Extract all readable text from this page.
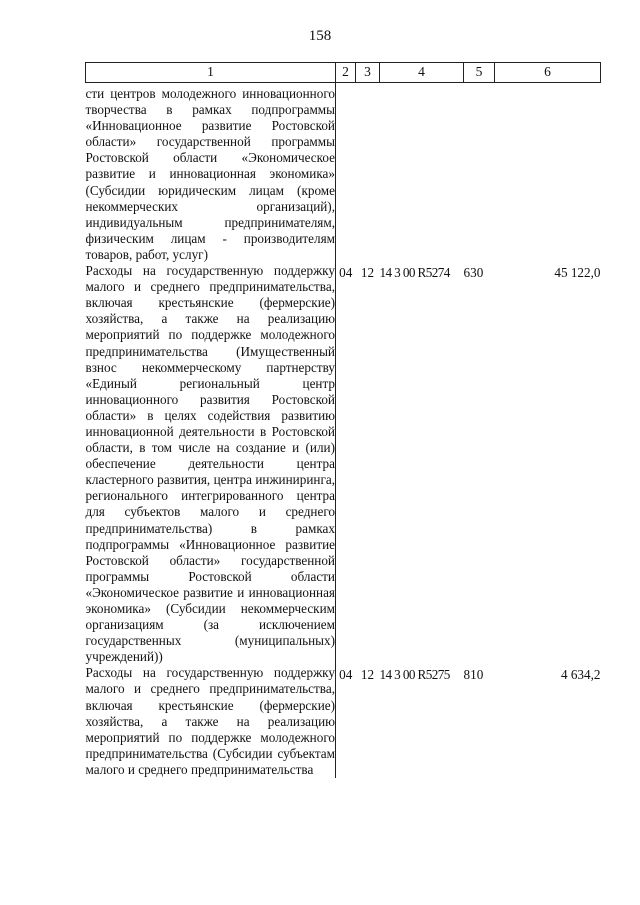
158
1	2	3	4	5	6
сти центров молодежного инновационного творчества в рамках подпрограммы «Инновационное развитие Ростовской области» государственной программы Ростовской области «Экономическое развитие и инновационная экономика» (Субсидии юридическим лицам (кроме некоммерческих организаций), индивидуальным предпринимателям, физическим лицам - производителям товаров, работ, услуг)					
Расходы на государственную поддержку малого и среднего предпринимательства, включая крестьянские (фермерские) хозяйства, а также на реализацию мероприятий по поддержке молодежного предпринимательства (Имущественный взнос некоммерческому партнерству «Единый региональный центр инновационного развития Ростовской области» в целях содействия развитию инновационной деятельности в Ростовской области, в том числе на создание и (или) обеспечение деятельности центра кластерного развития, центра инжиниринга, регионального интегрированного центра для субъектов малого и среднего предпринимательства) в рамках подпрограммы «Инновационное развитие Ростовской области» государственной программы Ростовской области «Экономическое развитие и инновационная экономика» (Субсидии некоммерческим организациям (за исключением государственных (муниципальных) учреждений))	04	12	14 3 00 R5274	630	45 122,0
Расходы на государственную поддержку малого и среднего предпринимательства, включая крестьянские (фермерские) хозяйства, а также на реализацию мероприятий по поддержке молодежного предпринимательства (Субсидии субъектам малого и среднего предпринимательства	04	12	14 3 00 R5275	810	4 634,2
